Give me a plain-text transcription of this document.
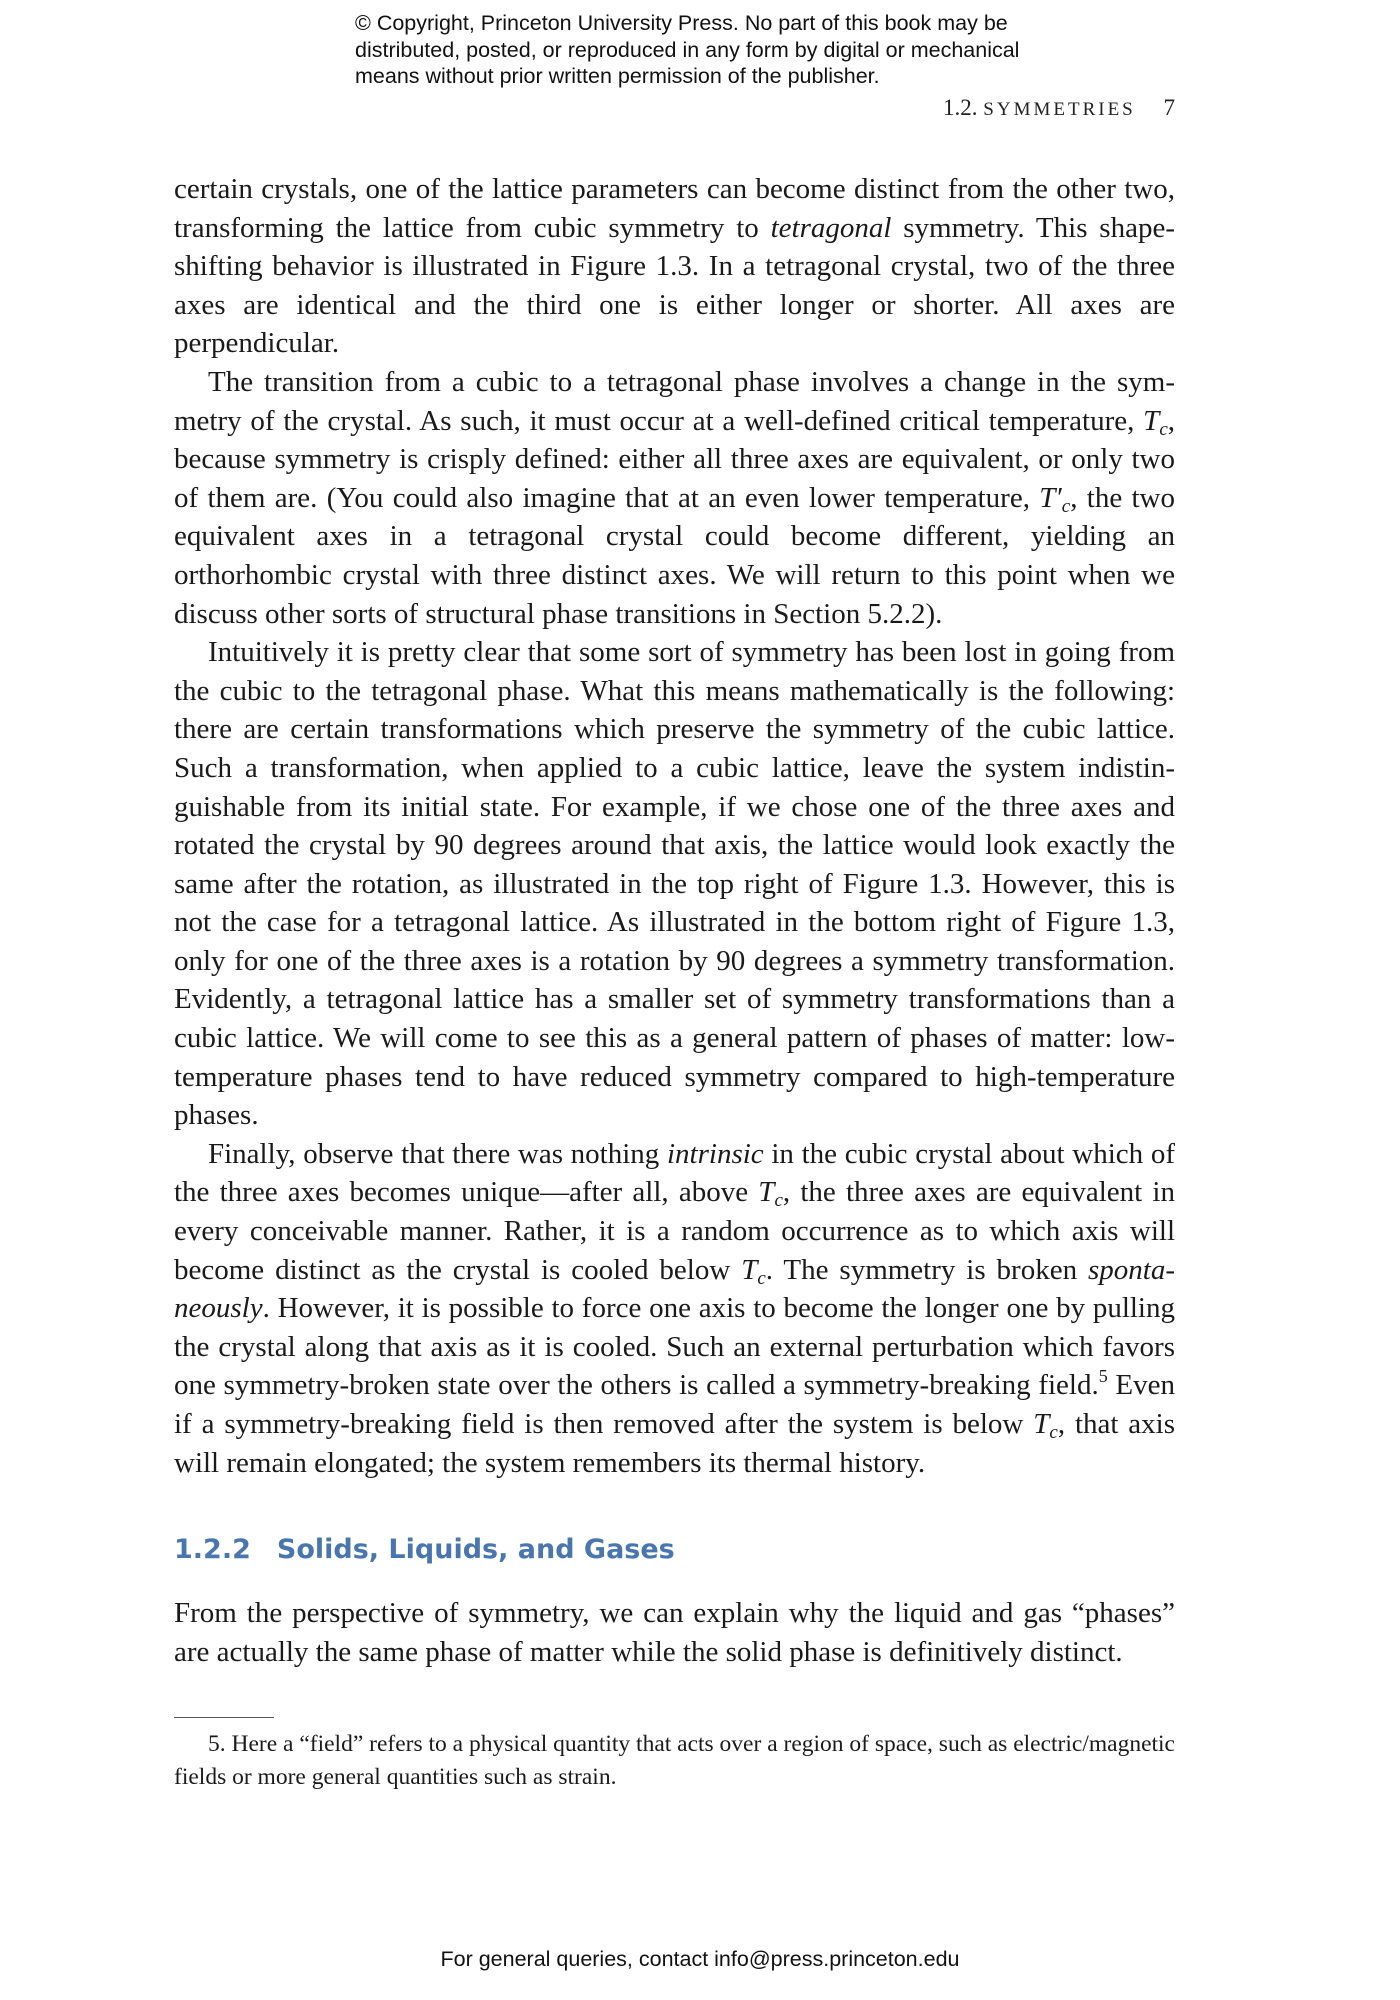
© Copyright, Princeton University Press. No part of this book may be distributed, posted, or reproduced in any form by digital or mechanical means without prior written permission of the publisher.
1.2. SYMMETRIES 7

certain crystals, one of the lattice parameters can become distinct from the other two, transforming the lattice from cubic symmetry to tetragonal symmetry. This shape-shifting behavior is illustrated in Figure 1.3. In a tetragonal crystal, two of the three axes are identical and the third one is either longer or shorter. All axes are perpendicular.

The transition from a cubic to a tetragonal phase involves a change in the symmetry of the crystal. As such, it must occur at a well-defined critical temperature, $T_c$, because symmetry is crisply defined: either all three axes are equivalent, or only two of them are. (You could also imagine that at an even lower temperature, $T'_c$, the two equivalent axes in a tetragonal crystal could become different, yielding an orthorhombic crystal with three distinct axes. We will return to this point when we discuss other sorts of structural phase transitions in Section 5.2.2).

Intuitively it is pretty clear that some sort of symmetry has been lost in going from the cubic to the tetragonal phase. What this means mathematically is the following: there are certain transformations which preserve the symmetry of the cubic lattice. Such a transformation, when applied to a cubic lattice, leave the system indistinguishable from its initial state. For example, if we chose one of the three axes and rotated the crystal by 90 degrees around that axis, the lattice would look exactly the same after the rotation, as illustrated in the top right of Figure 1.3. However, this is not the case for a tetragonal lattice. As illustrated in the bottom right of Figure 1.3, only for one of the three axes is a rotation by 90 degrees a symmetry transformation. Evidently, a tetragonal lattice has a smaller set of symmetry transformations than a cubic lattice. We will come to see this as a general pattern of phases of matter: low-temperature phases tend to have reduced symmetry compared to high-temperature phases.

Finally, observe that there was nothing intrinsic in the cubic crystal about which of the three axes becomes unique—after all, above $T_c$, the three axes are equivalent in every conceivable manner. Rather, it is a random occurrence as to which axis will become distinct as the crystal is cooled below $T_c$. The symmetry is broken spontaneously. However, it is possible to force one axis to become the longer one by pulling the crystal along that axis as it is cooled. Such an external perturbation which favors one symmetry-broken state over the others is called a symmetry-breaking field.$^5$ Even if a symmetry-breaking field is then removed after the system is below $T_c$, that axis will remain elongated; the system remembers its thermal history.

1.2.2 Solids, Liquids, and Gases

From the perspective of symmetry, we can explain why the liquid and gas “phases” are actually the same phase of matter while the solid phase is definitively distinct.

5. Here a “field” refers to a physical quantity that acts over a region of space, such as electric/magnetic fields or more general quantities such as strain.

For general queries, contact info@press.princeton.edu
